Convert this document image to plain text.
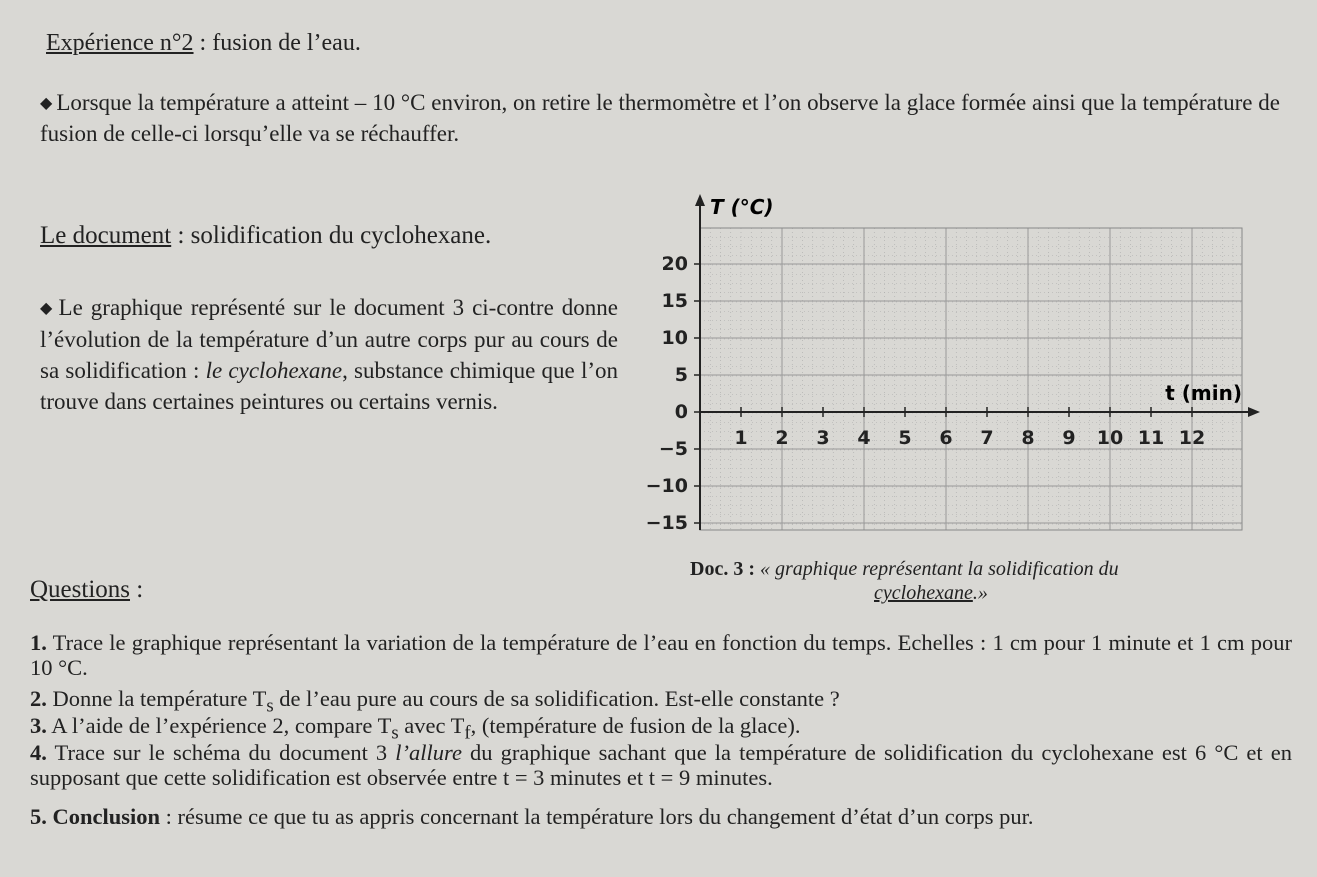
Expérience n°2 : fusion de l’eau.
◆ Lorsque la température a atteint – 10 °C environ, on retire le thermomètre et l’on observe la glace formée ainsi que la température de fusion de celle-ci lorsqu’elle va se réchauffer.
Le document : solidification du cyclohexane.
◆ Le graphique représenté sur le document 3 ci-contre donne l’évolution de la température d’un autre corps pur au cours de sa solidification : le cyclohexane, substance chimique que l’on trouve dans certaines peintures ou certains vernis.
1 2 3 4 5 6 7 8 9 10 11 12
20
15
10
5
0
−5
−10
−15
T (°C)
t (min)
Doc. 3 : « graphique représentant la solidification du
cyclohexane.»
Questions :
1. Trace le graphique représentant la variation de la température de l’eau en fonction du temps. Echelles : 1 cm pour 1 minute et 1 cm pour 10 °C.
2. Donne la température $T_s$ de l’eau pure au cours de sa solidification. Est-elle constante ?
3. A l’aide de l’expérience 2, compare $T_s$ avec $T_f$, (température de fusion de la glace).
4. Trace sur le schéma du document 3 l’allure du graphique sachant que la température de solidification du cyclohexane est 6 °C et en supposant que cette solidification est observée entre t = 3 minutes et t = 9 minutes.
5. Conclusion : résume ce que tu as appris concernant la température lors du changement d’état d’un corps pur.
